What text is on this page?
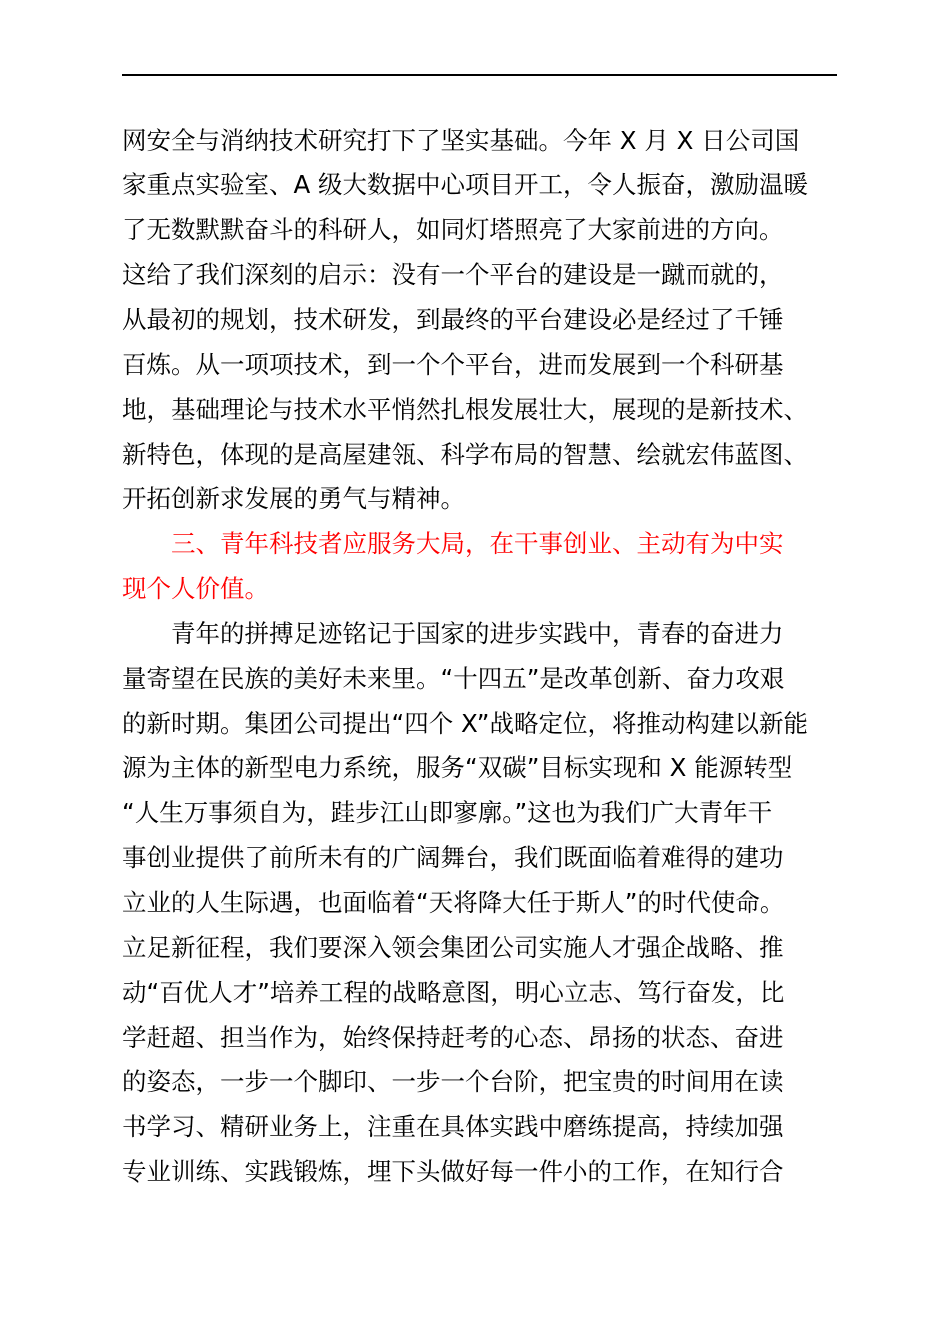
网安全与消纳技术研究打下了坚实基础。今年 X 月 X 日公司国
家重点实验室、A 级大数据中心项目开工，令人振奋，激励温暖
了无数默默奋斗的科研人，如同灯塔照亮了大家前进的方向。
这给了我们深刻的启示：没有一个平台的建设是一蹴而就的，
从最初的规划，技术研发，到最终的平台建设必是经过了千锤
百炼。从一项项技术，到一个个平台，进而发展到一个科研基
地，基础理论与技术水平悄然扎根发展壮大，展现的是新技术、
新特色，体现的是高屋建瓴、科学布局的智慧、绘就宏伟蓝图、
开拓创新求发展的勇气与精神。
　　三、青年科技者应服务大局，在干事创业、主动有为中实
现个人价值。
　　青年的拼搏足迹铭记于国家的进步实践中，青春的奋进力
量寄望在民族的美好未来里。“十四五”是改革创新、奋力攻艰
的新时期。集团公司提出“四个 X”战略定位，将推动构建以新能
源为主体的新型电力系统，服务“双碳”目标实现和 X 能源转型
“人生万事须自为，跬步江山即寥廓。”这也为我们广大青年干
事创业提供了前所未有的广阔舞台，我们既面临着难得的建功
立业的人生际遇，也面临着“天将降大任于斯人”的时代使命。
立足新征程，我们要深入领会集团公司实施人才强企战略、推
动“百优人才”培养工程的战略意图，明心立志、笃行奋发，比
学赶超、担当作为，始终保持赶考的心态、昂扬的状态、奋进
的姿态，一步一个脚印、一步一个台阶，把宝贵的时间用在读
书学习、精研业务上，注重在具体实践中磨练提高，持续加强
专业训练、实践锻炼，埋下头做好每一件小的工作，在知行合
